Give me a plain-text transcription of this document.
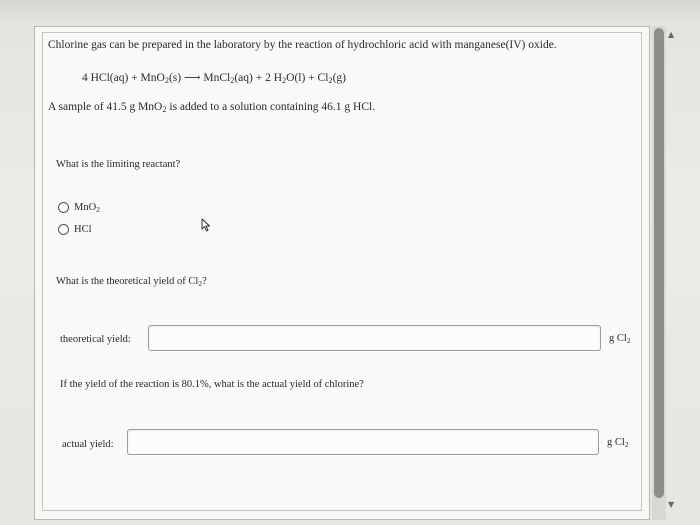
▲
▼
Chlorine gas can be prepared in the laboratory by the reaction of hydrochloric acid with manganese(IV) oxide.
4 HCl(aq) + MnO$_2$(s) ⟶ MnCl$_2$(aq) + 2 $H_2O(l) + Cl_2(g)$
A sample of 41.5 g MnO$_2$ is added to a solution containing 46.1 g HCl.
What is the limiting reactant?
MnO$_2$
HCl
What is the theoretical yield of $Cl_2$?
theoretical yield:	g $Cl_2$
If the yield of the reaction is 80.1%, what is the actual yield of chlorine?
actual yield:	g $Cl_2$
